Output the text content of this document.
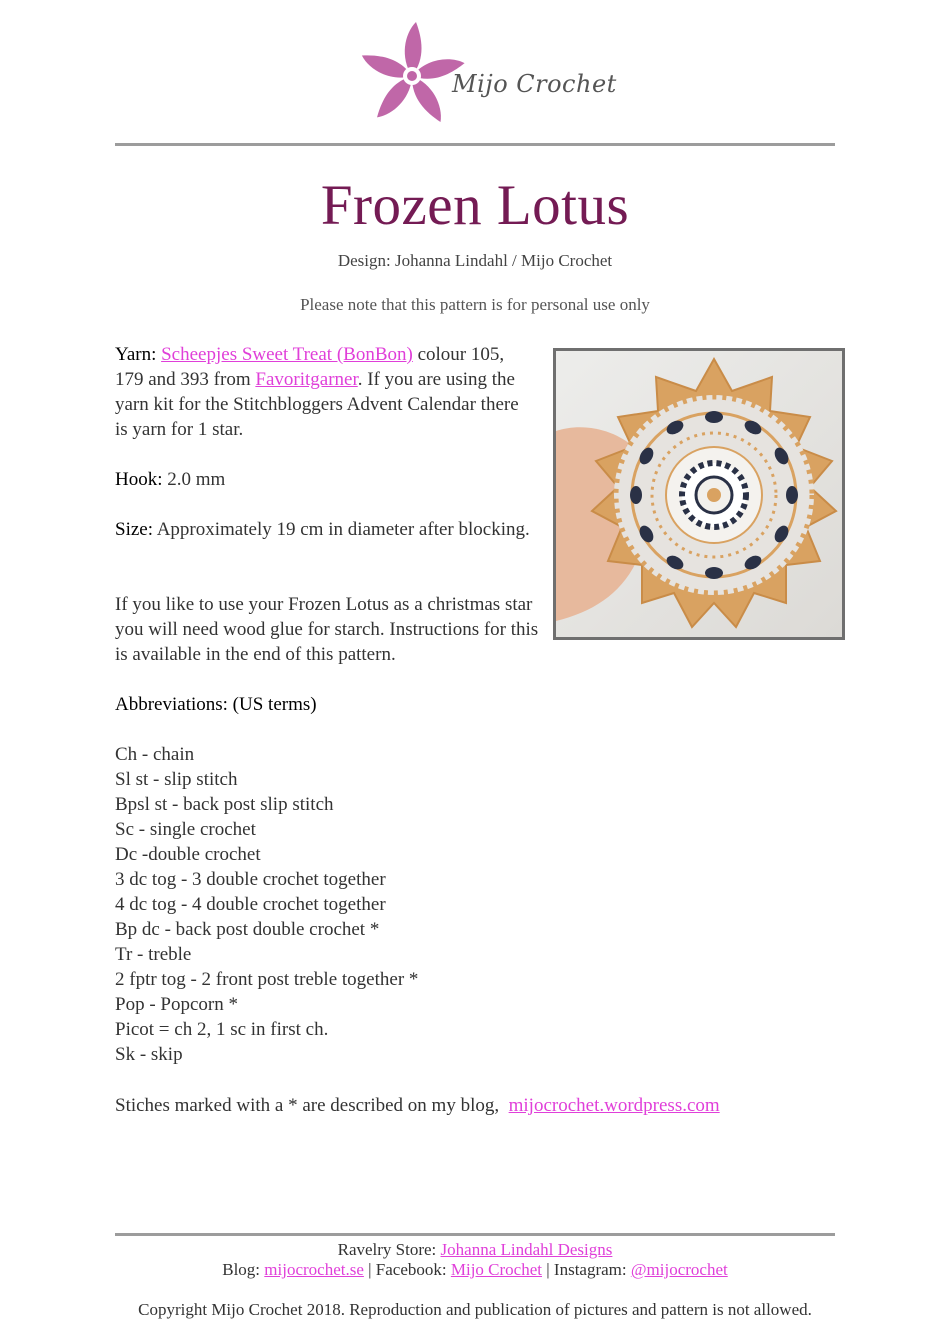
Mijo Crochet
Frozen Lotus
Design: Johanna Lindahl / Mijo Crochet
Please note that this pattern is for personal use only
Yarn: Scheepjes Sweet Treat (BonBon) colour 105, 179 and 393 from Favoritgarner. If you are using the yarn kit for the Stitchbloggers Advent Calendar there is yarn for 1 star.
Hook: 2.0 mm
Size: Approximately 19 cm in diameter after blocking.
If you like to use your Frozen Lotus as a christmas star you will need wood glue for starch. Instructions for this is available in the end of this pattern.
Abbreviations: (US terms)
Ch - chain
Sl st - slip stitch
Bpsl st - back post slip stitch
Sc - single crochet
Dc -double crochet
3 dc tog - 3 double crochet together
4 dc tog - 4 double crochet together
Bp dc - back post double crochet *
Tr - treble
2 fptr tog - 2 front post treble together *
Pop - Popcorn *
Picot = ch 2, 1 sc in first ch.
Sk - skip
Stiches marked with a * are described on my blog,  mijocrochet.wordpress.com
Ravelry Store: Johanna Lindahl Designs
Blog: mijocrochet.se | Facebook: Mijo Crochet | Instagram: @mijocrochet
Copyright Mijo Crochet 2018. Reproduction and publication of pictures and pattern is not allowed.
